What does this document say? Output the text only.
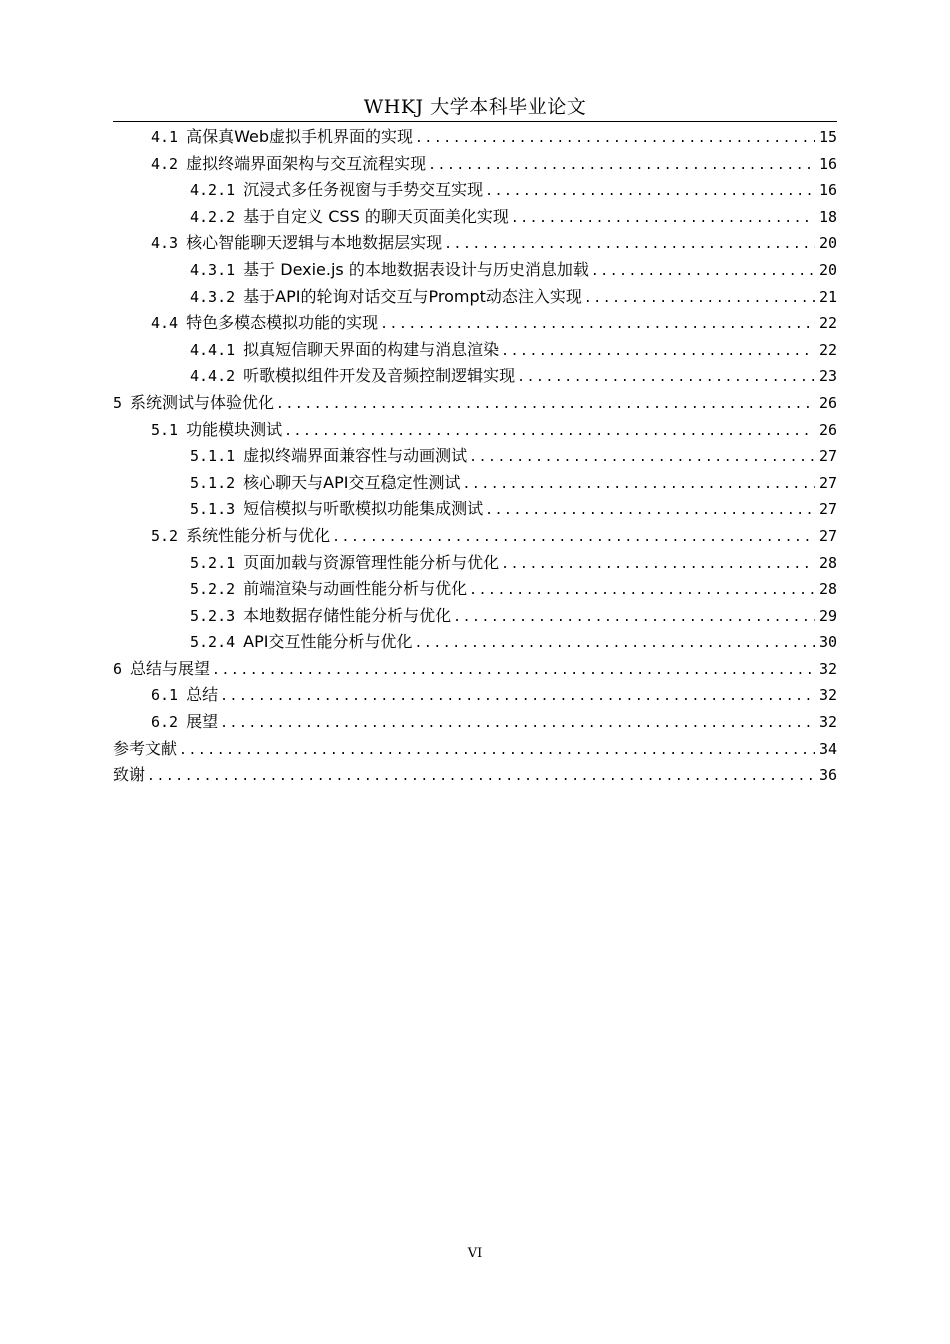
WHKJ 大学本科毕业论文
4.1 高保真Web虚拟手机界面的实现 .....	15
4.2 虚拟终端界面架构与交互流程实现 .....	16
4.2.1 沉浸式多任务视窗与手势交互实现 .....	16
4.2.2 基于自定义 CSS 的聊天页面美化实现 .....	18
4.3 核心智能聊天逻辑与本地数据层实现 .....	20
4.3.1 基于 Dexie.js 的本地数据表设计与历史消息加载 .....	20
4.3.2 基于API的轮询对话交互与Prompt动态注入实现 .....	21
4.4 特色多模态模拟功能的实现 .....	22
4.4.1 拟真短信聊天界面的构建与消息渲染 .....	22
4.4.2 听歌模拟组件开发及音频控制逻辑实现 .....	23
5 系统测试与体验优化 .....	26
5.1 功能模块测试 .....	26
5.1.1 虚拟终端界面兼容性与动画测试 .....	27
5.1.2 核心聊天与API交互稳定性测试 .....	27
5.1.3 短信模拟与听歌模拟功能集成测试 .....	27
5.2 系统性能分析与优化 .....	27
5.2.1 页面加载与资源管理性能分析与优化 .....	28
5.2.2 前端渲染与动画性能分析与优化 .....	28
5.2.3 本地数据存储性能分析与优化 .....	29
5.2.4 API交互性能分析与优化 .....	30
6 总结与展望 .....	32
6.1 总结 .....	32
6.2 展望 .....	32
参考文献 .....	34
致谢 .....	36
VI
